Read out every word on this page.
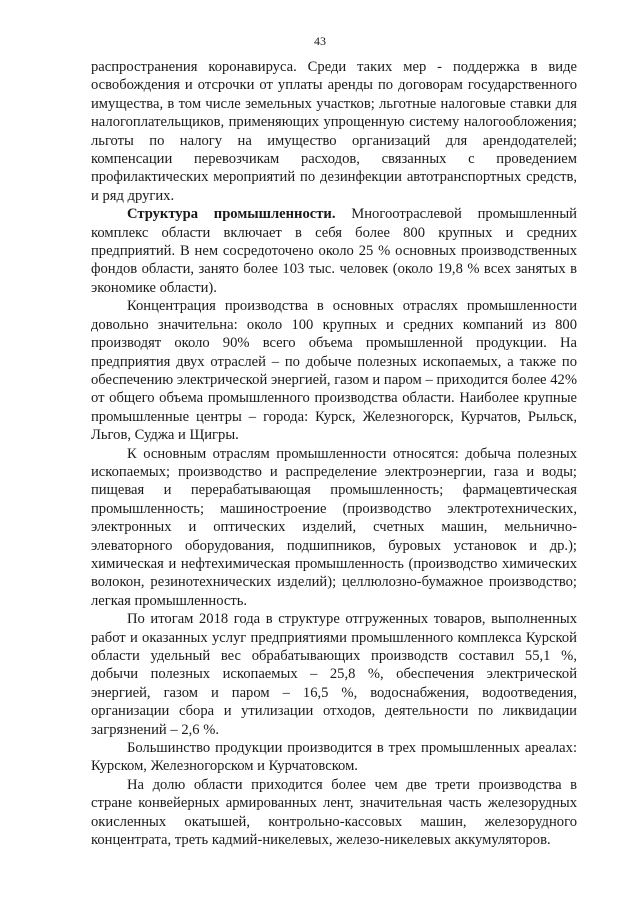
43

распространения коронавируса. Среди таких мер - поддержка в виде освобождения и отсрочки от уплаты аренды по договорам государственного имущества, в том числе земельных участков; льготные налоговые ставки для налогоплательщиков, применяющих упрощенную систему налогообложения; льготы по налогу на имущество организаций для арендодателей; компенсации перевозчикам расходов, связанных с проведением профилактических мероприятий по дезинфекции автотранспортных средств, и ряд других.

Структура промышленности. Многоотраслевой промышленный комплекс области включает в себя более 800 крупных и средних предприятий. В нем сосредоточено около 25 % основных производственных фондов области, занято более 103 тыс. человек (около 19,8 % всех занятых в экономике области).

Концентрация производства в основных отраслях промышленности довольно значительна: около 100 крупных и средних компаний из 800 производят около 90% всего объема промышленной продукции. На предприятия двух отраслей – по добыче полезных ископаемых, а также по обеспечению электрической энергией, газом и паром – приходится более 42% от общего объема промышленного производства области. Наиболее крупные промышленные центры – города: Курск, Железногорск, Курчатов, Рыльск, Льгов, Суджа и Щигры.

К основным отраслям промышленности относятся: добыча полезных ископаемых; производство и распределение электроэнергии, газа и воды; пищевая и перерабатывающая промышленность; фармацевтическая промышленность; машиностроение (производство электротехнических, электронных и оптических изделий, счетных машин, мельнично-элеваторного оборудования, подшипников, буровых установок и др.); химическая и нефтехимическая промышленность (производство химических волокон, резинотехнических изделий); целлюлозно-бумажное производство; легкая промышленность.

По итогам 2018 года в структуре отгруженных товаров, выполненных работ и оказанных услуг предприятиями промышленного комплекса Курской области удельный вес обрабатывающих производств составил 55,1 %, добычи полезных ископаемых – 25,8 %, обеспечения электрической энергией, газом и паром – 16,5 %, водоснабжения, водоотведения, организации сбора и утилизации отходов, деятельности по ликвидации загрязнений – 2,6 %.

Большинство продукции производится в трех промышленных ареалах: Курском, Железногорском и Курчатовском.

На долю области приходится более чем две трети производства в стране конвейерных армированных лент, значительная часть железорудных окисленных окатышей, контрольно-кассовых машин, железорудного концентрата, треть кадмий-никелевых, железо-никелевых аккумуляторов.
